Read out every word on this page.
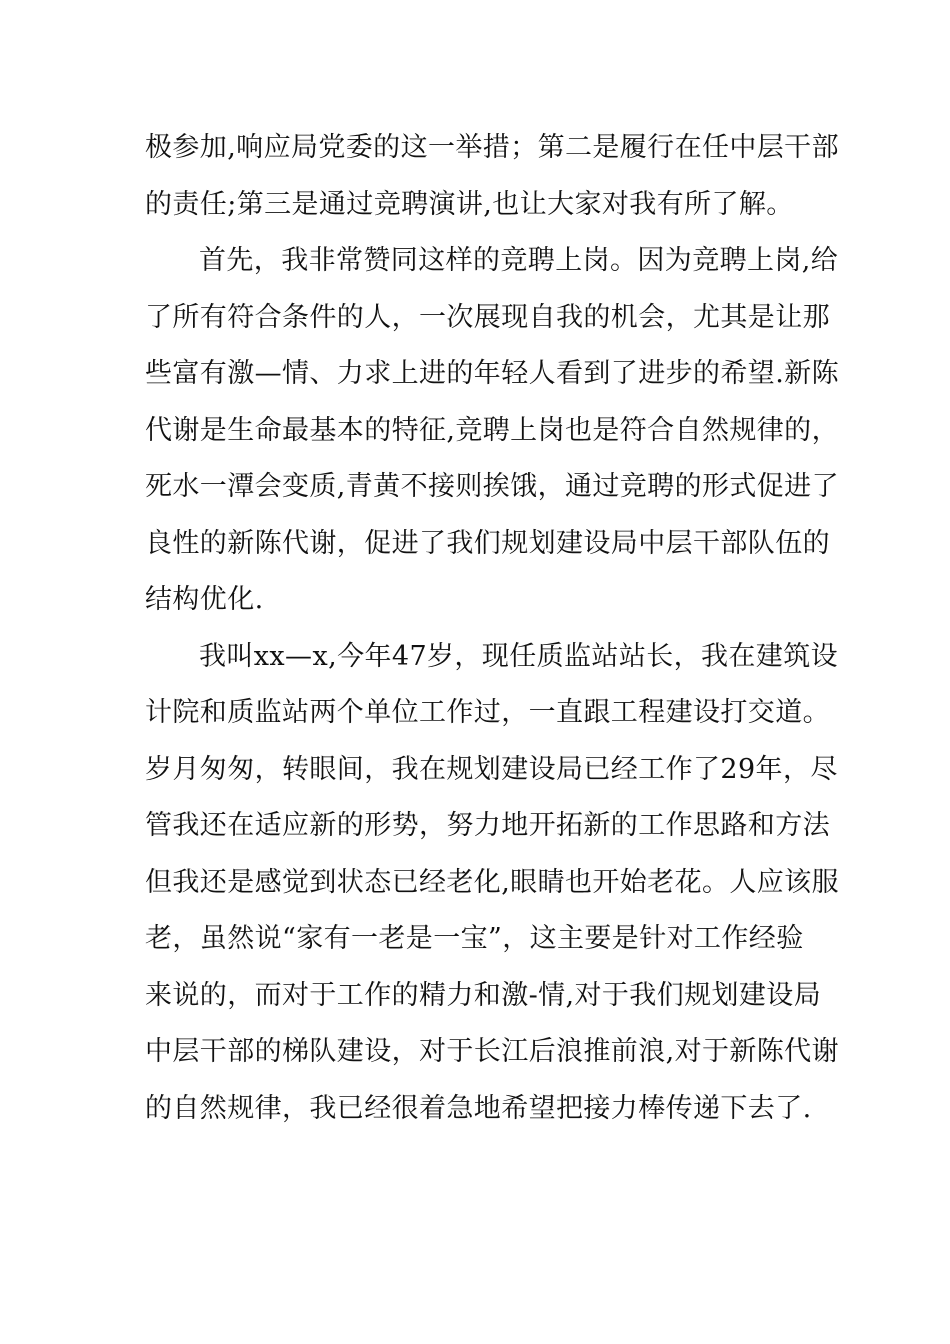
极参加,响应局党委的这一举措；第二是履行在任中层干部
的责任;第三是通过竞聘演讲,也让大家对我有所了解。
首先，我非常赞同这样的竞聘上岗。因为竞聘上岗,给
了所有符合条件的人，一次展现自我的机会，尤其是让那
些富有激—情、力求上进的年轻人看到了进步的希望.新陈
代谢是生命最基本的特征,竞聘上岗也是符合自然规律的，
死水一潭会变质,青黄不接则挨饿，通过竞聘的形式促进了
良性的新陈代谢，促进了我们规划建设局中层干部队伍的
结构优化.
我叫xx—x,今年47岁，现任质监站站长，我在建筑设
计院和质监站两个单位工作过，一直跟工程建设打交道。
岁月匆匆，转眼间，我在规划建设局已经工作了29年，尽
管我还在适应新的形势，努力地开拓新的工作思路和方法
但我还是感觉到状态已经老化,眼睛也开始老花。人应该服
老，虽然说“家有一老是一宝”，这主要是针对工作经验
来说的，而对于工作的精力和激-情,对于我们规划建设局
中层干部的梯队建设，对于长江后浪推前浪,对于新陈代谢
的自然规律，我已经很着急地希望把接力棒传递下去了.
